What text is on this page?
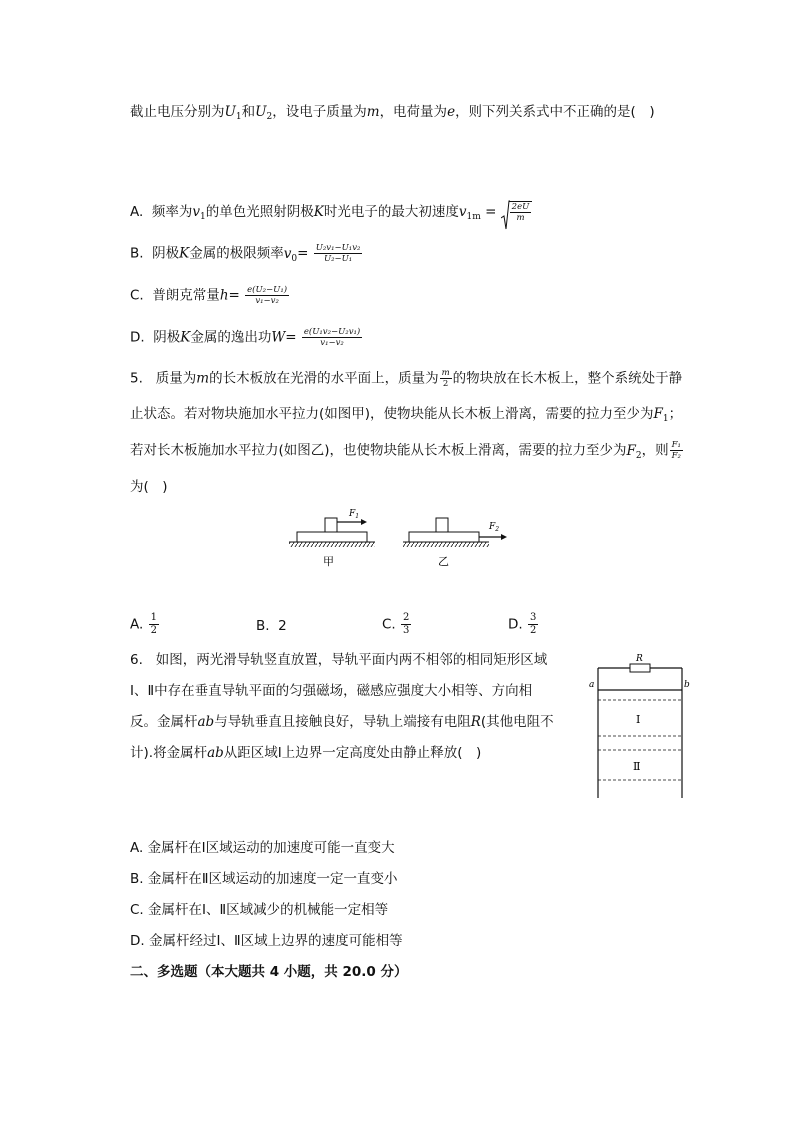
截止电压分别为$U_1$和$U_2$，设电子质量为m，电荷量为e，则下列关系式中不正确的是(　)
A. 频率为$v_1$的单色光照射阴极K时光电子的最大初速度$v_{1m} = \frac{2eU}{m}$
B. 阴极K金属的极限频率$v_0= \frac{\text{U₂v₁−U₁v₂}}{\text{U₂−U₁}}$
C. 普朗克常量$h= \frac{\text{e(U₂−U₁)}}{\text{v₁−v₂}}$
D. 阴极K金属的逸出功$W= \frac{\text{e(U₁v₂−U₂v₁)}}{\text{v₁−v₂}}$
5. 质量为m的长木板放在光滑的水平面上，质量为 $\frac{m}{2}$ 的物块放在长木板上，整个系统处于静
止状态。若对物块施加水平拉力(如图甲)，使物块能从长木板上滑离，需要的拉力至少为$F_1$；
若对长木板施加水平拉力(如图乙)，也使物块能从长木板上滑离，需要的拉力至少为$F_2$，则 $\frac{\text{F₁}}{\text{F₂}}$
为(　)
$F_1$
甲
$F_2$
乙
A. $\frac{1}{2}$	B. 2	C. $\frac{2}{3}$	D. $\frac{3}{2}$
6. 如图，两光滑导轨竖直放置，导轨平面内两不相邻的相同矩形区域
Ⅰ、Ⅱ中存在垂直导轨平面的匀强磁场，磁感应强度大小相等、方向相
反。金属杆ab与导轨垂直且接触良好，导轨上端接有电阻R(其他电阻不
计).将金属杆ab从距区域Ⅰ上边界一定高度处由静止释放(　)
R
a	b
Ⅰ
Ⅱ
A. 金属杆在Ⅰ区域运动的加速度可能一直变大
B. 金属杆在Ⅱ区域运动的加速度一定一直变小
C. 金属杆在Ⅰ、Ⅱ区域减少的机械能一定相等
D. 金属杆经过Ⅰ、Ⅱ区域上边界的速度可能相等
二、多选题（本大题共 4 小题，共 20.0 分）
